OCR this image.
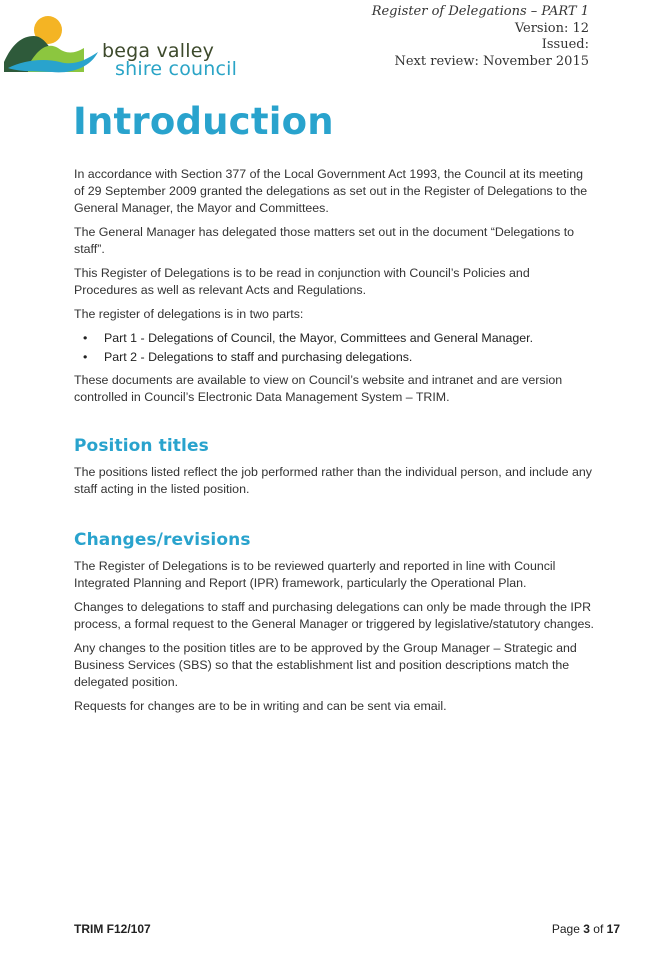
bega valley
shire council
Register of Delegations – PART 1
Version: 12
Issued:
Next review: November 2015
Introduction

In accordance with Section 377 of the Local Government Act 1993, the Council at its meeting of 29 September 2009 granted the delegations as set out in the Register of Delegations to the General Manager, the Mayor and Committees.

The General Manager has delegated those matters set out in the document “Delegations to staff”.

This Register of Delegations is to be read in conjunction with Council’s Policies and Procedures as well as relevant Acts and Regulations.

The register of delegations is in two parts:

• Part 1 - Delegations of Council, the Mayor, Committees and General Manager.
• Part 2 - Delegations to staff and purchasing delegations.

These documents are available to view on Council’s website and intranet and are version controlled in Council’s Electronic Data Management System – TRIM.

Position titles

The positions listed reflect the job performed rather than the individual person, and include any staff acting in the listed position.

Changes/revisions

The Register of Delegations is to be reviewed quarterly and reported in line with Council Integrated Planning and Report (IPR) framework, particularly the Operational Plan.

Changes to delegations to staff and purchasing delegations can only be made through the IPR process, a formal request to the General Manager or triggered by legislative/statutory changes.

Any changes to the position titles are to be approved by the Group Manager – Strategic and Business Services (SBS) so that the establishment list and position descriptions match the delegated position.

Requests for changes are to be in writing and can be sent via email.

TRIM F12/107	Page 3 of 17
